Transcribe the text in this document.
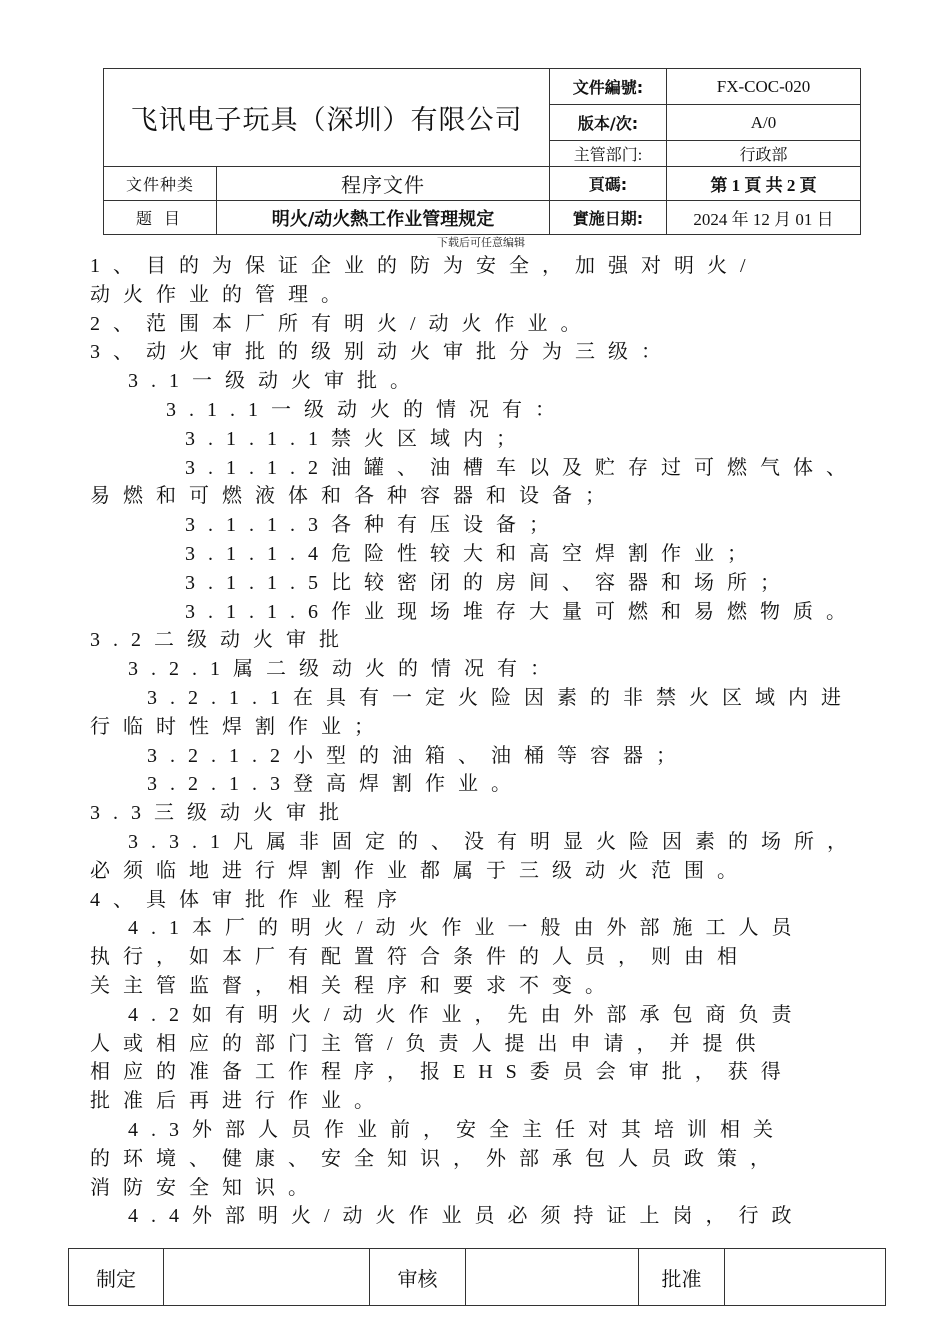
飞讯电子玩具（深圳）有限公司		文件編號:	FX-COC-020
		版本/次:	A/0
		主管部门:	行政部
文件种类	程序文件	頁碼:	第 1 頁 共 2 頁
题 目	明火/动火熱工作业管理规定	實施日期:	2024 年 12 月 01 日
下载后可任意编辑
1、目的为保证企业的防为安全，加强对明火/
动火作业的管理。
2、范围本厂所有明火/动火作业。
3、动火审批的级别动火审批分为三级：
3.1一级动火审批。
3.1.1一级动火的情况有：
3.1.1.1禁火区域内；
3.1.1.2油罐、油槽车以及贮存过可燃气体、
易燃和可燃液体和各种容器和设备；
3.1.1.3各种有压设备；
3.1.1.4危险性较大和高空焊割作业；
3.1.1.5比较密闭的房间、容器和场所；
3.1.1.6作业现场堆存大量可燃和易燃物质。
3.2二级动火审批
3.2.1属二级动火的情况有：
3.2.1.1在具有一定火险因素的非禁火区域内进
行临时性焊割作业；
3.2.1.2小型的油箱、油桶等容器；
3.2.1.3登高焊割作业。
3.3三级动火审批
3.3.1凡属非固定的、没有明显火险因素的场所，
必须临地进行焊割作业都属于三级动火范围。
4、具体审批作业程序
4.1本厂的明火/动火作业一般由外部施工人员
执行，如本厂有配置符合条件的人员，则由相
关主管监督，相关程序和要求不变。
4.2如有明火/动火作业，先由外部承包商负责
人或相应的部门主管/负责人提出申请，并提供
相应的准备工作程序，报EHS委员会审批，获得
批准后再进行作业。
4.3外部人员作业前，安全主任对其培训相关
的环境、健康、安全知识，外部承包人员政策，
消防安全知识。
4.4外部明火/动火作业员必须持证上岗，行政
制定		审核		批准	
